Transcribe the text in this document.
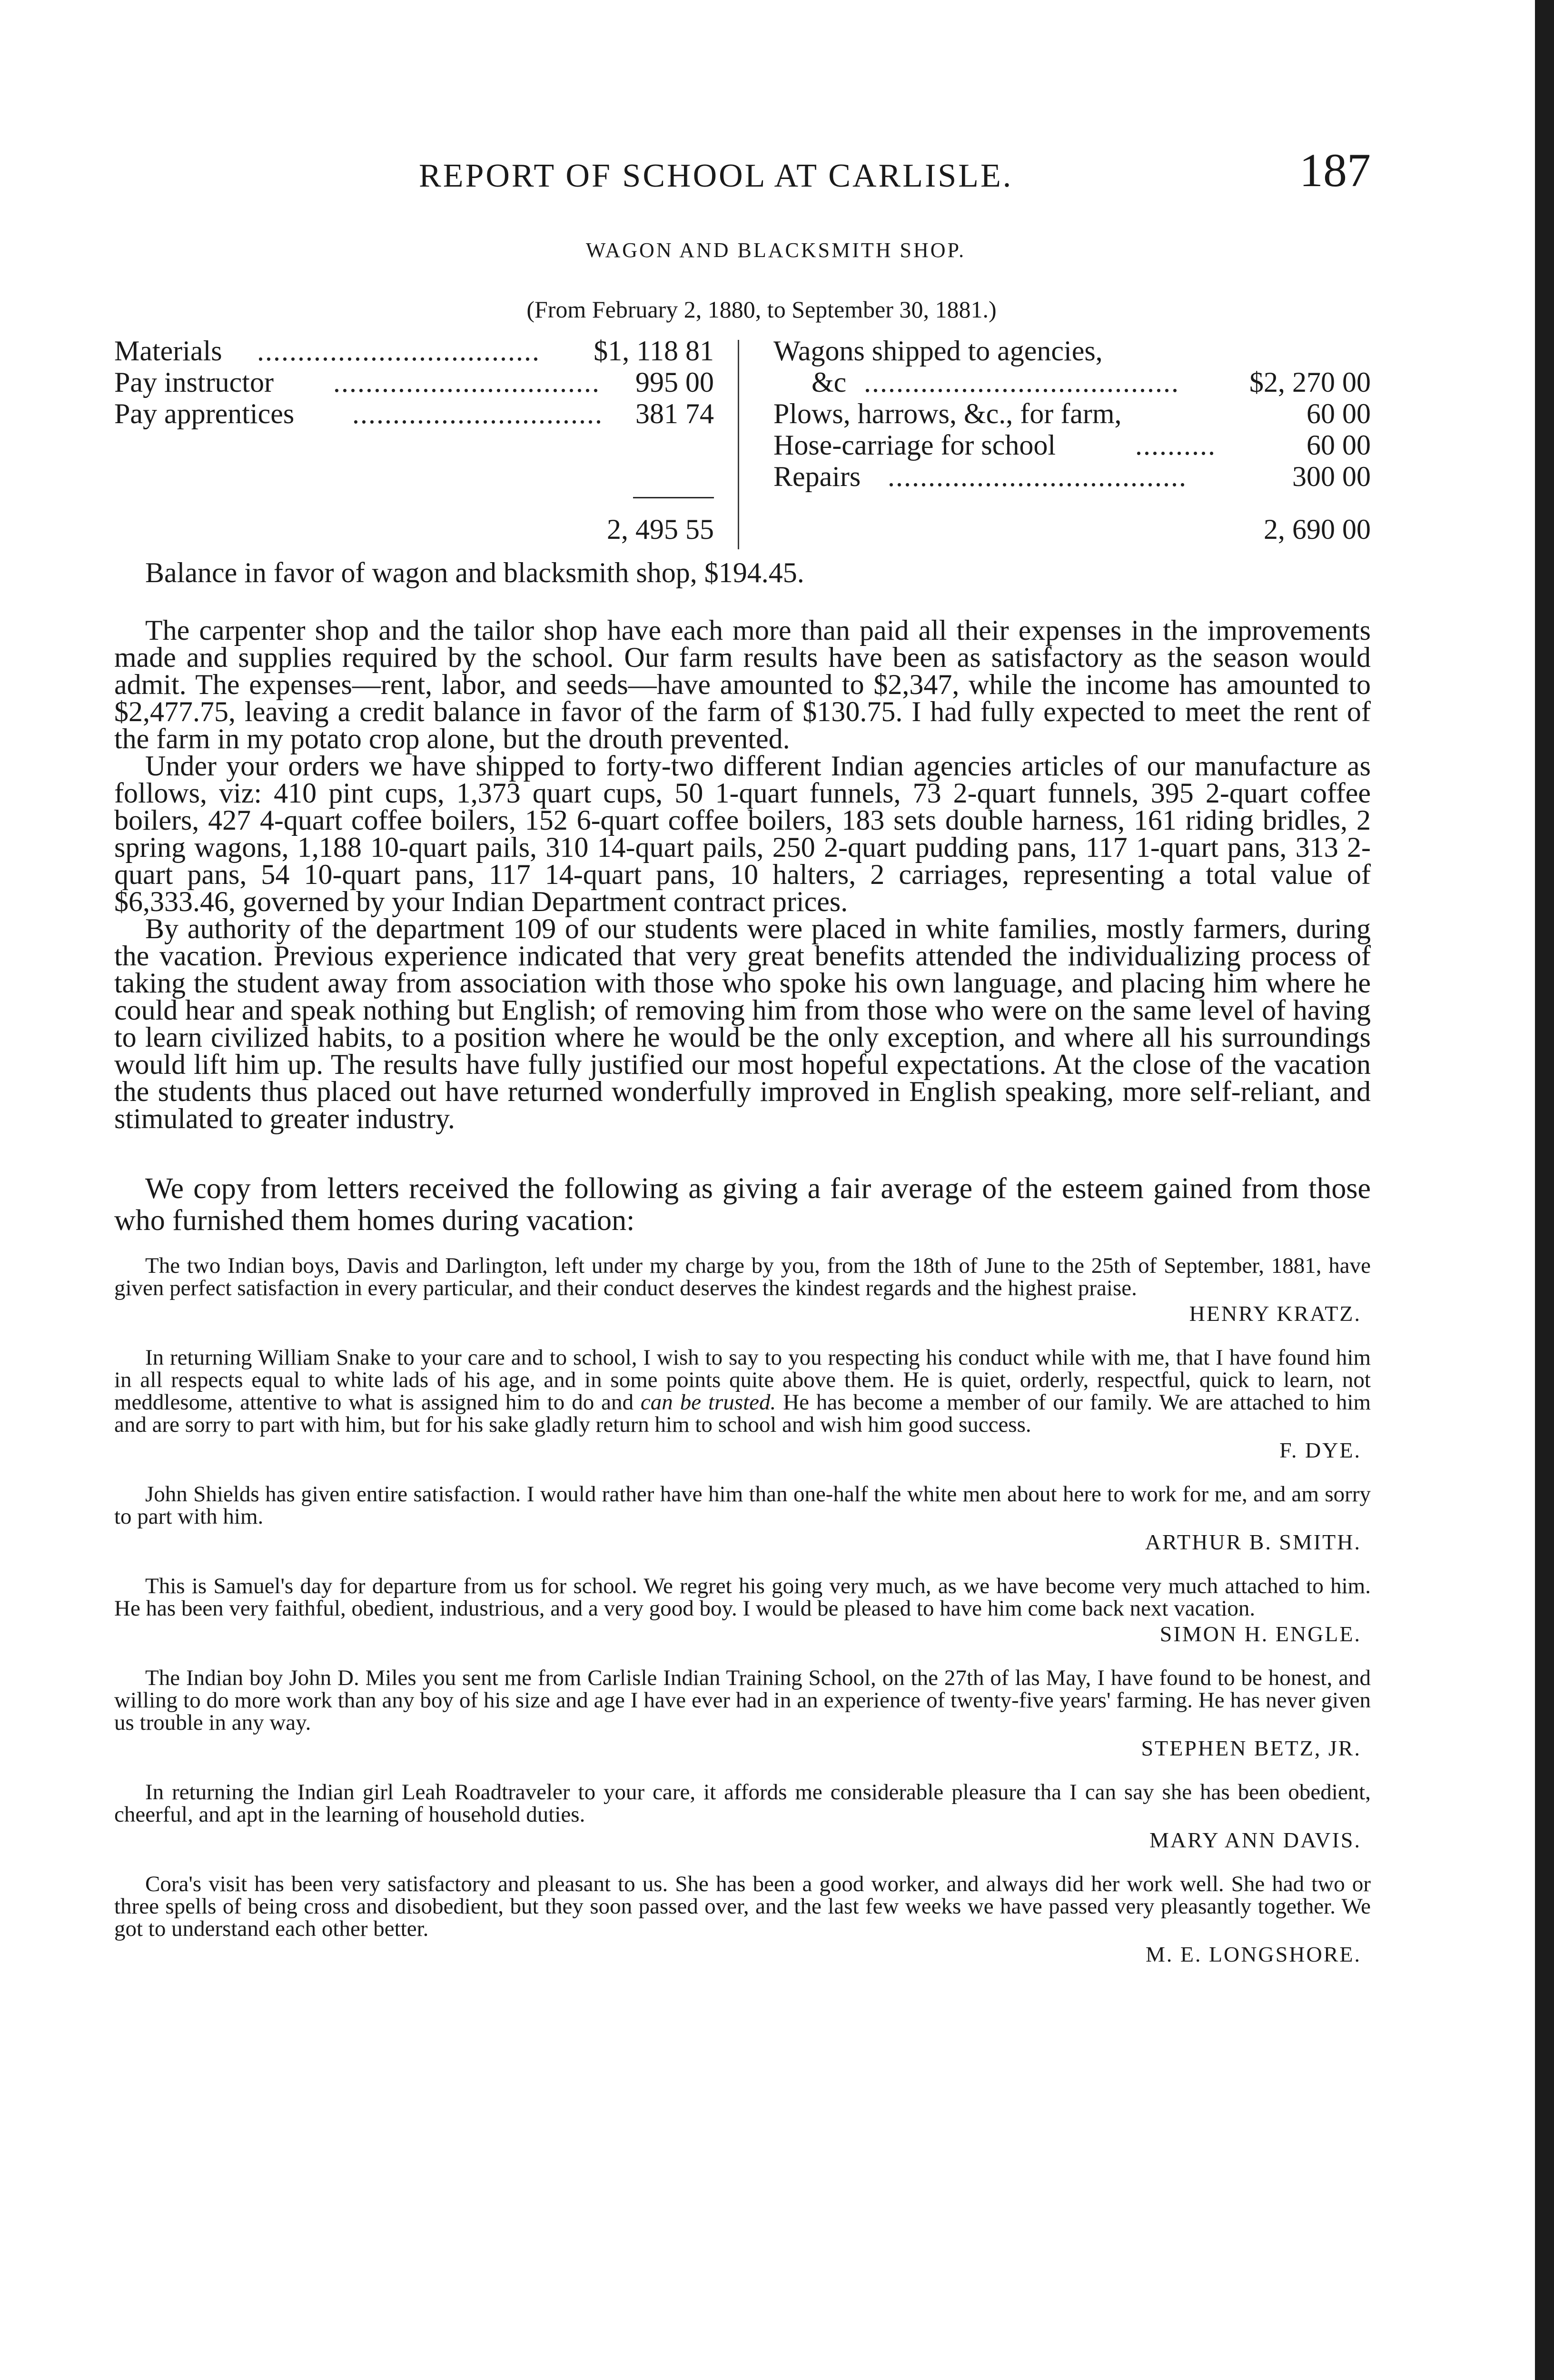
REPORT OF SCHOOL AT CARLISLE.	187
WAGON AND BLACKSMITH SHOP.
(From February 2, 1880, to September 30, 1881.)
Materials ...................................	$1, 118 81
Pay instructor ................................. 995 00
Pay apprentices ............................... 381 74
2, 495 55
Wagons shipped to agencies,
&c .......................................	$2, 270 00
Plows, harrows, &c., for farm,	60 00
Hose-carriage for school	..........	60 00
Repairs .....................................	300 00
2, 690 00
Balance in favor of wagon and blacksmith shop, $194.45.

The carpenter shop and the tailor shop have each more than paid all their expenses in the improvements made and supplies required by the school. Our farm results have been as satisfactory as the season would admit. The expenses—rent, labor, and seeds—have amounted to $2,347, while the income has amounted to $2,477.75, leaving a credit balance in favor of the farm of $130.75. I had fully expected to meet the rent of the farm in my potato crop alone, but the drouth prevented.

Under your orders we have shipped to forty-two different Indian agencies articles of our manufacture as follows, viz: 410 pint cups, 1,373 quart cups, 50 1-quart funnels, 73 2-quart funnels, 395 2-quart coffee boilers, 427 4-quart coffee boilers, 152 6-quart coffee boilers, 183 sets double harness, 161 riding bridles, 2 spring wagons, 1,188 10-quart pails, 310 14-quart pails, 250 2-quart pudding pans, 117 1-quart pans, 313 2-quart pans, 54 10-quart pans, 117 14-quart pans, 10 halters, 2 carriages, representing a total value of $6,333.46, governed by your Indian Department contract prices.

By authority of the department 109 of our students were placed in white families, mostly farmers, during the vacation. Previous experience indicated that very great benefits attended the individualizing process of taking the student away from association with those who spoke his own language, and placing him where he could hear and speak nothing but English; of removing him from those who were on the same level of having to learn civilized habits, to a position where he would be the only exception, and where all his surroundings would lift him up. The results have fully justified our most hopeful expectations. At the close of the vacation the students thus placed out have returned wonderfully improved in English speaking, more self-reliant, and stimulated to greater industry.

We copy from letters received the following as giving a fair average of the esteem gained from those who furnished them homes during vacation:

The two Indian boys, Davis and Darlington, left under my charge by you, from the 18th of June to the 25th of September, 1881, have given perfect satisfaction in every particular, and their conduct deserves the kindest regards and the highest praise.

HENRY KRATZ.

In returning William Snake to your care and to school, I wish to say to you respecting his conduct while with me, that I have found him in all respects equal to white lads of his age, and in some points quite above them. He is quiet, orderly, respectful, quick to learn, not meddlesome, attentive to what is assigned him to do and can be trusted. He has become a member of our family. We are attached to him and are sorry to part with him, but for his sake gladly return him to school and wish him good success.

F. DYE.

John Shields has given entire satisfaction. I would rather have him than one-half the white men about here to work for me, and am sorry to part with him.

ARTHUR B. SMITH.

This is Samuel's day for departure from us for school. We regret his going very much, as we have become very much attached to him. He has been very faithful, obedient, industrious, and a very good boy. I would be pleased to have him come back next vacation.

SIMON H. ENGLE.

The Indian boy John D. Miles you sent me from Carlisle Indian Training School, on the 27th of las May, I have found to be honest, and willing to do more work than any boy of his size and age I have ever had in an experience of twenty-five years' farming. He has never given us trouble in any way.

STEPHEN BETZ, JR.

In returning the Indian girl Leah Roadtraveler to your care, it affords me considerable pleasure tha I can say she has been obedient, cheerful, and apt in the learning of household duties.

MARY ANN DAVIS.

Cora's visit has been very satisfactory and pleasant to us. She has been a good worker, and always did her work well. She had two or three spells of being cross and disobedient, but they soon passed over, and the last few weeks we have passed very pleasantly together. We got to understand each other better.

M. E. LONGSHORE.
